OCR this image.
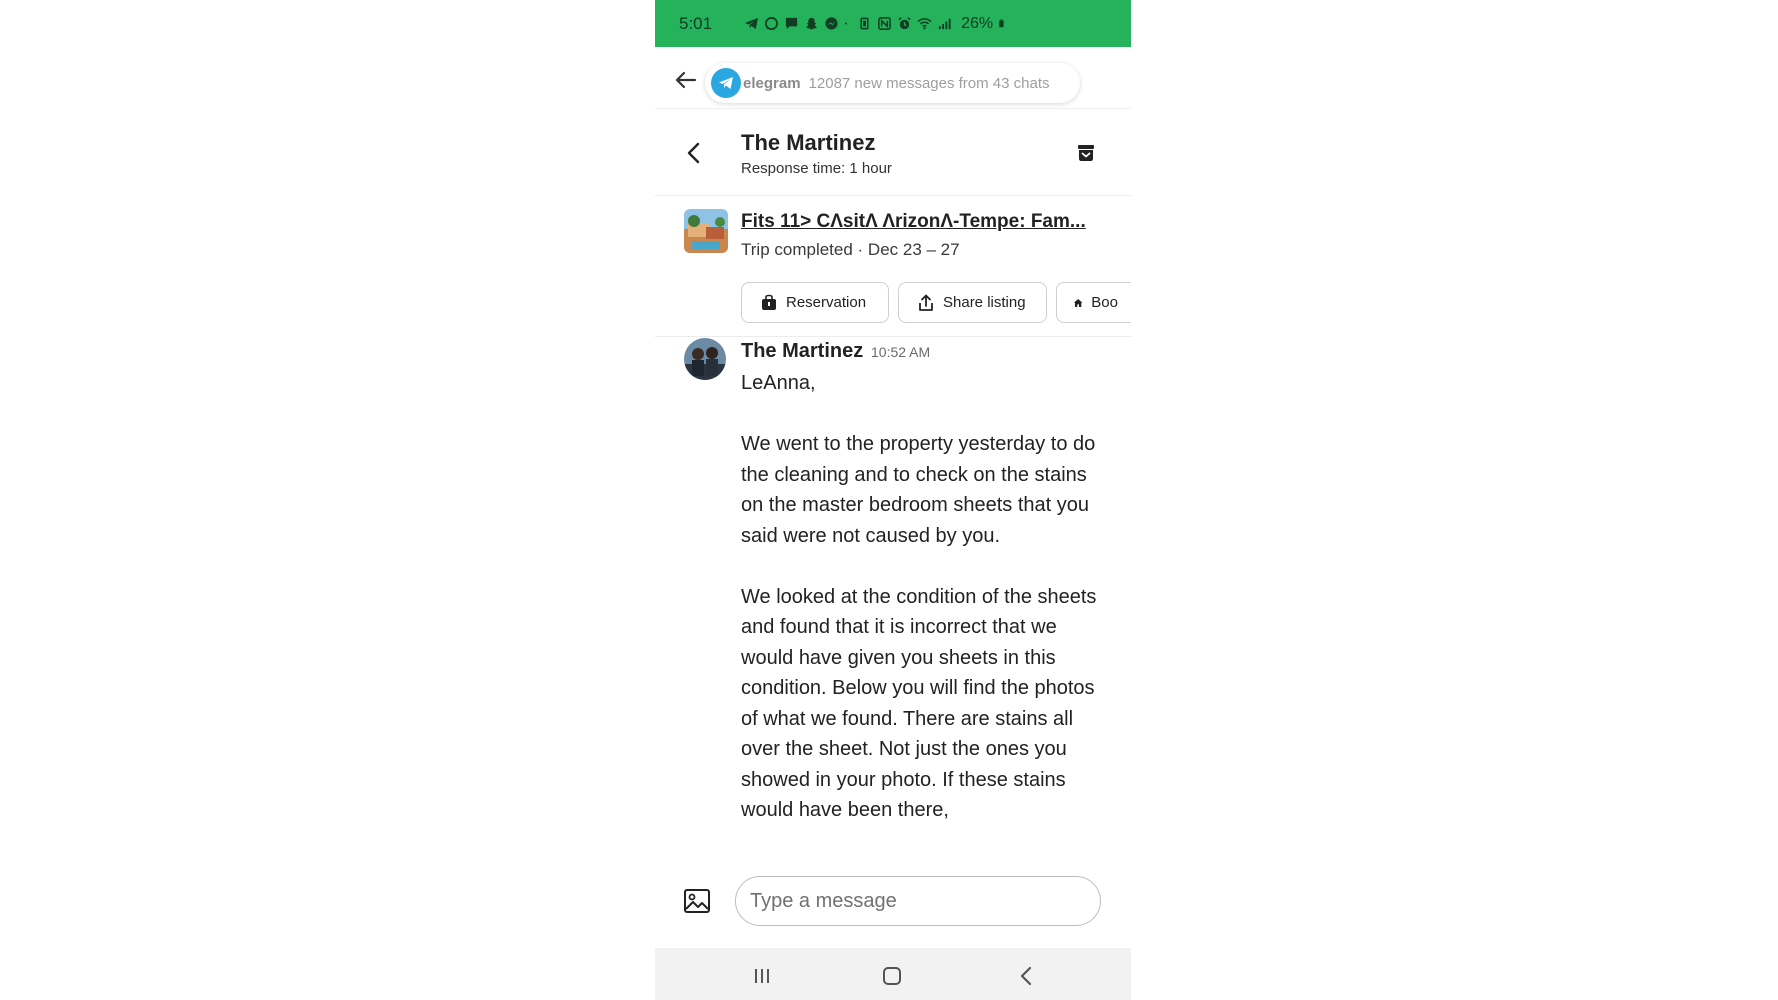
5:01	26%
elegram 12087 new messages from 43 chats
The Martinez
Response time: 1 hour
Fits 11> CΛsitΛ ΛrizonΛ-Tempe: Fam...
Trip completed · Dec 23 – 27
Reservation	Share listing	Boo
The Martinez 10:52 AM

LeAnna,

We went to the property yesterday to do the cleaning and to check on the stains on the master bedroom sheets that you said were not caused by you.

We looked at the condition of the sheets and found that it is incorrect that we would have given you sheets in this condition. Below you will find the photos of what we found. There are stains all over the sheet. Not just the ones you showed in your photo. If these stains would have been there,

Type a message
